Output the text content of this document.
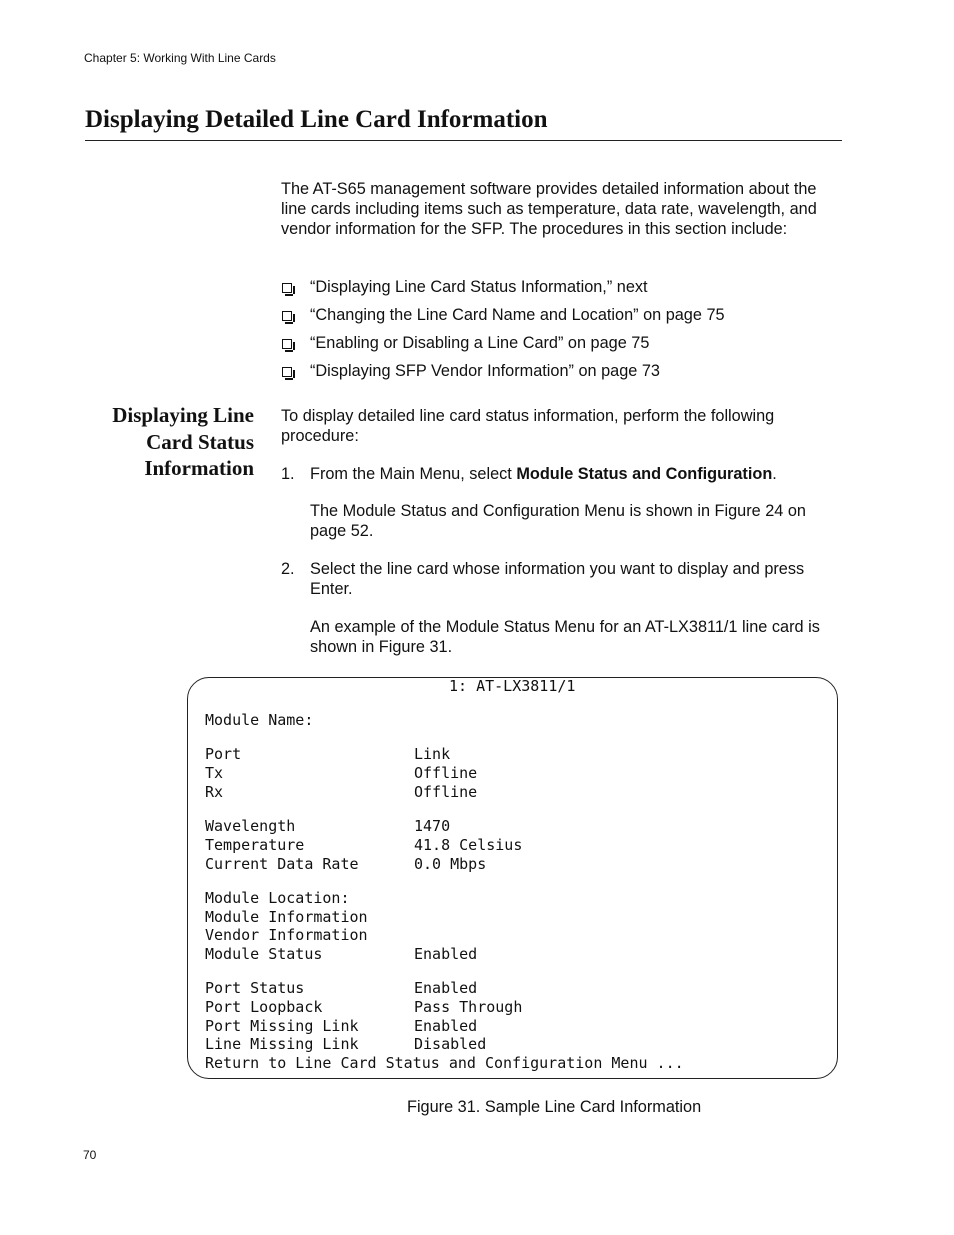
Chapter 5: Working With Line Cards
Displaying Detailed Line Card Information
The AT-S65 management software provides detailed information about the line cards including items such as temperature, data rate, wavelength, and vendor information for the SFP. The procedures in this section include:
“Displaying Line Card Status Information,” next
“Changing the Line Card Name and Location” on page 75
“Enabling or Disabling a Line Card” on page 75
“Displaying SFP Vendor Information” on page 73
Displaying Line Card Status Information
To display detailed line card status information, perform the following procedure:
1. From the Main Menu, select Module Status and Configuration.
The Module Status and Configuration Menu is shown in Figure 24 on page 52.
2. Select the line card whose information you want to display and press Enter.
An example of the Module Status Menu for an AT-LX3811/1 line card is shown in Figure 31.
1: AT-LX3811/1
Module Name:
Port	Link
Tx	Offline
Rx	Offline
Wavelength	1470
Temperature	41.8 Celsius
Current Data Rate	0.0 Mbps
Module Location:
Module Information
Vendor Information
Module Status	Enabled
Port Status	Enabled
Port Loopback	Pass Through
Port Missing Link	Enabled
Line Missing Link	Disabled
Return to Line Card Status and Configuration Menu ...
Figure 31. Sample Line Card Information
70
